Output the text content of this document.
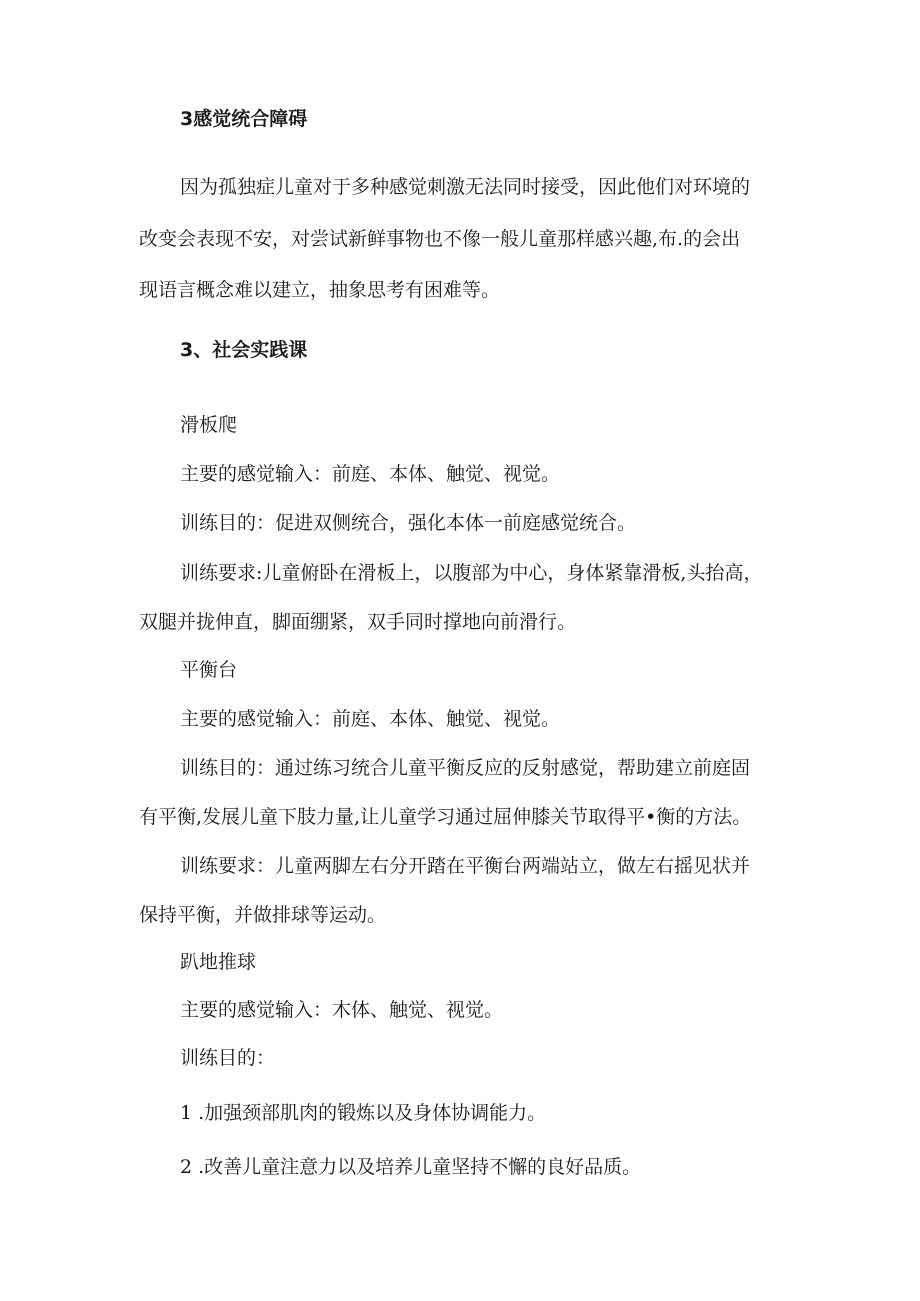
3感觉统合障碍
因为孤独症儿童对于多种感觉刺激无法同时接受，因此他们对环境的
改变会表现不安，对尝试新鲜事物也不像一般儿童那样感兴趣,布.的会出
现语言概念难以建立，抽象思考有困难等。
3、社会实践课
滑板爬
主要的感觉输入：前庭、本体、触觉、视觉。
训练目的：促进双侧统合，强化本体一前庭感觉统合。
训练要求:儿童俯卧在滑板上，以腹部为中心，身体紧靠滑板,头抬高，
双腿并拢伸直，脚面绷紧，双手同时撑地向前滑行。
平衡台
主要的感觉输入：前庭、本体、触觉、视觉。
训练目的：通过练习统合儿童平衡反应的反射感觉，帮助建立前庭固
有平衡,发展儿童下肢力量,让儿童学习通过屈伸膝关节取得平•衡的方法。
训练要求：儿童两脚左右分开踏在平衡台两端站立，做左右摇见状并
保持平衡，并做排球等运动。
趴地推球
主要的感觉输入：木体、触觉、视觉。
训练目的：
1 .加强颈部肌肉的锻炼以及身体协调能力。
2 .改善儿童注意力以及培养儿童坚持不懈的良好品质。
